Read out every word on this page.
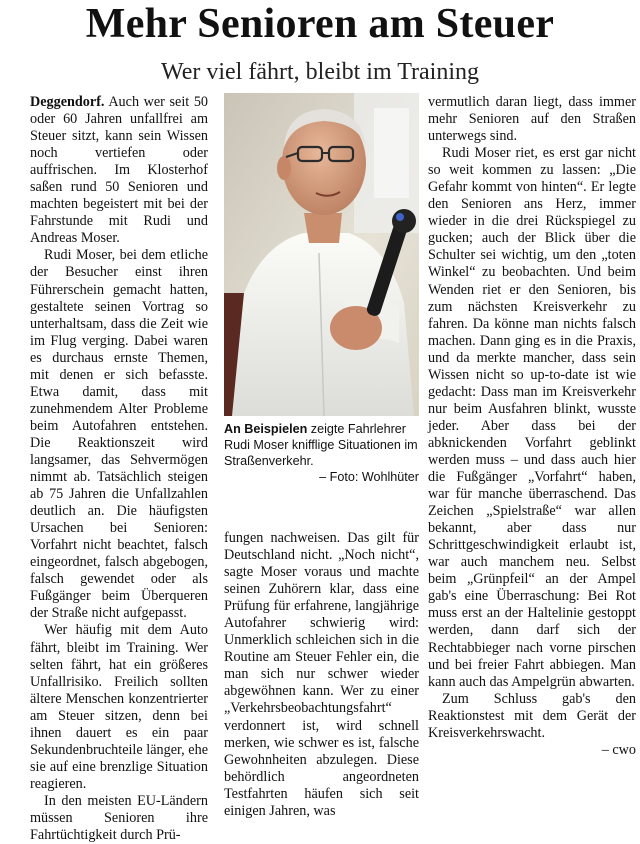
Mehr Senioren am Steuer
Wer viel fährt, bleibt im Training

Deggendorf. Auch wer seit 50 oder 60 Jahren unfallfrei am Steuer sitzt, kann sein Wissen noch vertiefen oder auffrischen. Im Klosterhof saßen rund 50 Senioren und machten begeistert mit bei der Fahrstunde mit Rudi und Andreas Moser.

Rudi Moser, bei dem etliche der Besucher einst ihren Führerschein gemacht hatten, gestaltete seinen Vortrag so unterhaltsam, dass die Zeit wie im Flug verging. Dabei waren es durchaus ernste Themen, mit denen er sich befasste. Etwa damit, dass mit zunehmendem Alter Probleme beim Autofahren entstehen. Die Reaktionszeit wird langsamer, das Sehvermögen nimmt ab. Tatsächlich steigen ab 75 Jahren die Unfallzahlen deutlich an. Die häufigsten Ursachen bei Senioren: Vorfahrt nicht beachtet, falsch eingeordnet, falsch abgebogen, falsch gewendet oder als Fußgänger beim Überqueren der Straße nicht aufgepasst.

Wer häufig mit dem Auto fährt, bleibt im Training. Wer selten fährt, hat ein größeres Unfallrisiko. Freilich sollten ältere Menschen konzentrierter am Steuer sitzen, denn bei ihnen dauert es ein paar Sekundenbruchteile länger, ehe sie auf eine brenzlige Situation reagieren.

In den meisten EU-Ländern müssen Senioren ihre Fahrtüchtigkeit durch Prü-

An Beispielen zeigte Fahrlehrer Rudi Moser knifflige Situationen im Straßenverkehr.
– Foto: Wohlhüter

fungen nachweisen. Das gilt für Deutschland nicht. „Noch nicht“, sagte Moser voraus und machte seinen Zuhörern klar, dass eine Prüfung für erfahrene, langjährige Autofahrer schwierig wird: Unmerklich schleichen sich in die Routine am Steuer Fehler ein, die man sich nur schwer wieder abgewöhnen kann. Wer zu einer „Verkehrsbeobachtungsfahrt“ verdonnert ist, wird schnell merken, wie schwer es ist, falsche Gewohnheiten abzulegen. Diese behördlich angeordneten Testfahrten häufen sich seit einigen Jahren, was

vermutlich daran liegt, dass immer mehr Senioren auf den Straßen unterwegs sind.

Rudi Moser riet, es erst gar nicht so weit kommen zu lassen: „Die Gefahr kommt von hinten“. Er legte den Senioren ans Herz, immer wieder in die drei Rückspiegel zu gucken; auch der Blick über die Schulter sei wichtig, um den „toten Winkel“ zu beobachten. Und beim Wenden riet er den Senioren, bis zum nächsten Kreisverkehr zu fahren. Da könne man nichts falsch machen. Dann ging es in die Praxis, und da merkte mancher, dass sein Wissen nicht so up-to-date ist wie gedacht: Dass man im Kreisverkehr nur beim Ausfahren blinkt, wusste jeder. Aber dass bei der abknickenden Vorfahrt geblinkt werden muss – und dass auch hier die Fußgänger „Vorfahrt“ haben, war für manche überraschend. Das Zeichen „Spielstraße“ war allen bekannt, aber dass nur Schrittgeschwindigkeit erlaubt ist, war auch manchem neu. Selbst beim „Grünpfeil“ an der Ampel gab's eine Überraschung: Bei Rot muss erst an der Haltelinie gestoppt werden, dann darf sich der Rechtabbieger nach vorne pirschen und bei freier Fahrt abbiegen. Man kann auch das Ampelgrün abwarten.

Zum Schluss gab's den Reaktionstest mit dem Gerät der Kreisverkehrswacht.

– cwo
